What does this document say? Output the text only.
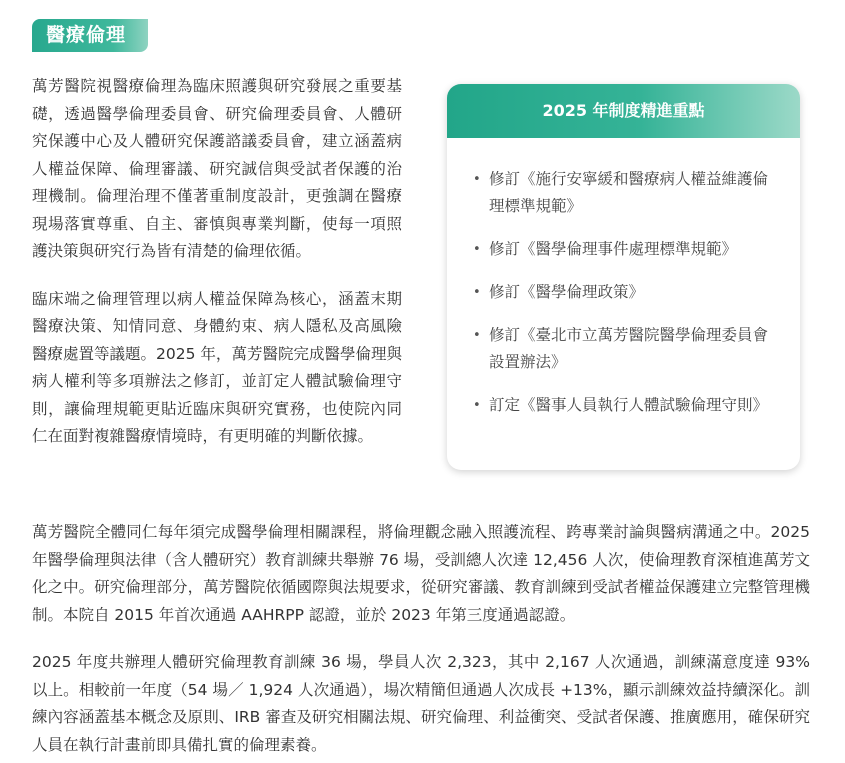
醫療倫理

萬芳醫院視醫療倫理為臨床照護與研究發展之重要基礎，透過醫學倫理委員會、研究倫理委員會、人體研究保護中心及人體研究保護諮議委員會，建立涵蓋病人權益保障、倫理審議、研究誠信與受試者保護的治理機制。倫理治理不僅著重制度設計，更強調在醫療現場落實尊重、自主、審慎與專業判斷，使每一項照護決策與研究行為皆有清楚的倫理依循。

臨床端之倫理管理以病人權益保障為核心，涵蓋末期醫療決策、知情同意、身體約束、病人隱私及高風險醫療處置等議題。2025 年，萬芳醫院完成醫學倫理與病人權利等多項辦法之修訂，並訂定人體試驗倫理守則，讓倫理規範更貼近臨床與研究實務，也使院內同仁在面對複雜醫療情境時，有更明確的判斷依據。

2025 年制度精進重點
• 修訂《施行安寧緩和醫療病人權益維護倫理標準規範》
• 修訂《醫學倫理事件處理標準規範》
• 修訂《醫學倫理政策》
• 修訂《臺北市立萬芳醫院醫學倫理委員會設置辦法》
• 訂定《醫事人員執行人體試驗倫理守則》

萬芳醫院全體同仁每年須完成醫學倫理相關課程，將倫理觀念融入照護流程、跨專業討論與醫病溝通之中。2025 年醫學倫理與法律（含人體研究）教育訓練共舉辦 76 場，受訓總人次達 12,456 人次，使倫理教育深植進萬芳文化之中。研究倫理部分，萬芳醫院依循國際與法規要求，從研究審議、教育訓練到受試者權益保護建立完整管理機制。本院自 2015 年首次通過 AAHRPP 認證，並於 2023 年第三度通過認證。

2025 年度共辦理人體研究倫理教育訓練 36 場，學員人次 2,323，其中 2,167 人次通過，訓練滿意度達 93% 以上。相較前一年度（54 場／ 1,924 人次通過），場次精簡但通過人次成長 +13%，顯示訓練效益持續深化。訓練內容涵蓋基本概念及原則、IRB 審查及研究相關法規、研究倫理、利益衝突、受試者保護、推廣應用，確保研究人員在執行計畫前即具備扎實的倫理素養。
